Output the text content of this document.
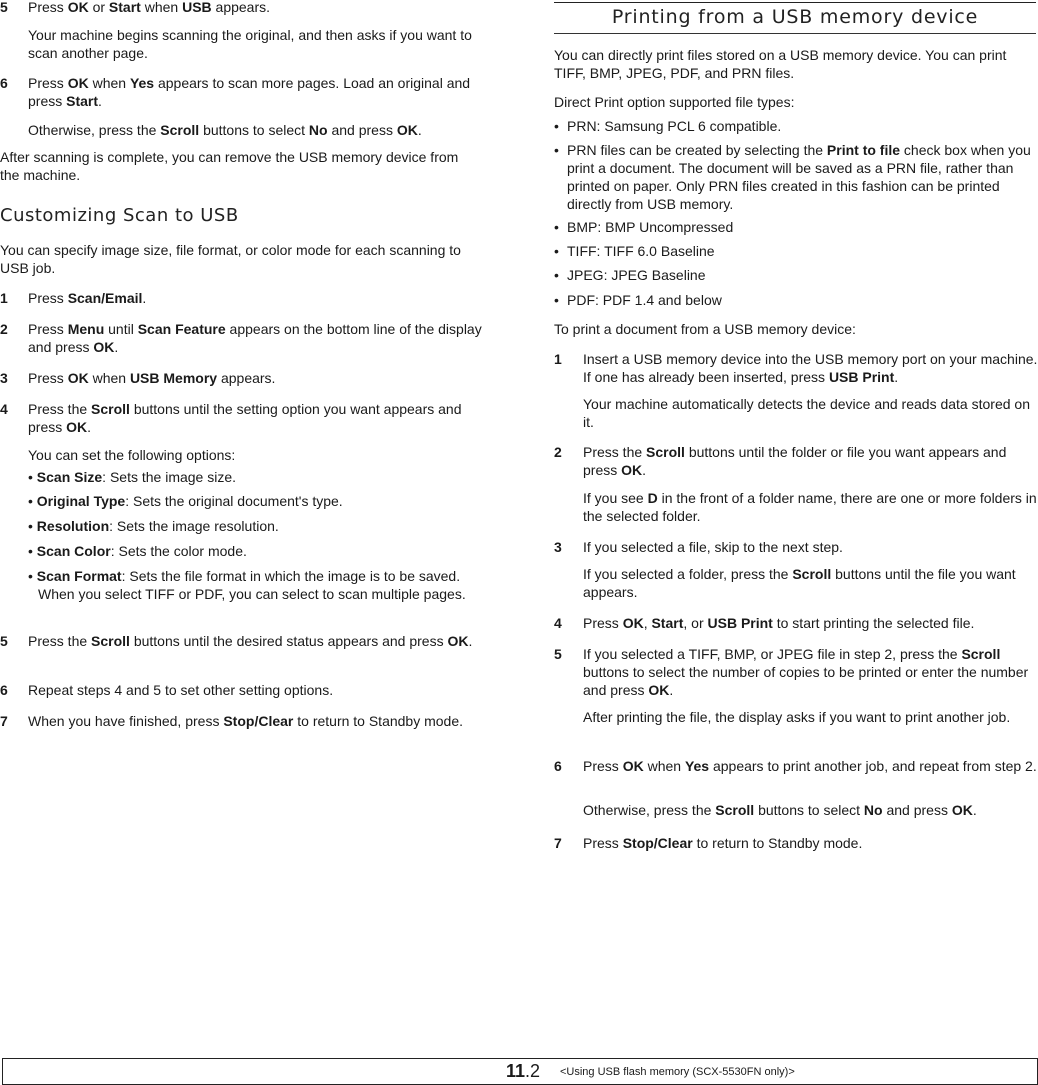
5 Press OK or Start when USB appears.

Your machine begins scanning the original, and then asks if you want to scan another page.

6 Press OK when Yes appears to scan more pages. Load an original and press Start.

Otherwise, press the Scroll buttons to select No and press OK.

After scanning is complete, you can remove the USB memory device from the machine.

Customizing Scan to USB

You can specify image size, file format, or color mode for each scanning to USB job.

1 Press Scan/Email.

2 Press Menu until Scan Feature appears on the bottom line of the display and press OK.

3 Press OK when USB Memory appears.

4 Press the Scroll buttons until the setting option you want appears and press OK.

You can set the following options:

• Scan Size: Sets the image size.

• Original Type: Sets the original document's type.

• Resolution: Sets the image resolution.

• Scan Color: Sets the color mode.

• Scan Format: Sets the file format in which the image is to be saved. When you select TIFF or PDF, you can select to scan multiple pages.

5 Press the Scroll buttons until the desired status appears and press OK.

6 Repeat steps 4 and 5 to set other setting options.

7 When you have finished, press Stop/Clear to return to Standby mode.

Printing from a USB memory device

You can directly print files stored on a USB memory device. You can print TIFF, BMP, JPEG, PDF, and PRN files.

Direct Print option supported file types:

• PRN: Samsung PCL 6 compatible.

• PRN files can be created by selecting the Print to file check box when you print a document. The document will be saved as a PRN file, rather than printed on paper. Only PRN files created in this fashion can be printed directly from USB memory.

• BMP: BMP Uncompressed

• TIFF: TIFF 6.0 Baseline

• JPEG: JPEG Baseline

• PDF: PDF 1.4 and below

To print a document from a USB memory device:

1 Insert a USB memory device into the USB memory port on your machine. If one has already been inserted, press USB Print.

Your machine automatically detects the device and reads data stored on it.

2 Press the Scroll buttons until the folder or file you want appears and press OK.

If you see D in the front of a folder name, there are one or more folders in the selected folder.

3 If you selected a file, skip to the next step.

If you selected a folder, press the Scroll buttons until the file you want appears.

4 Press OK, Start, or USB Print to start printing the selected file.

5 If you selected a TIFF, BMP, or JPEG file in step 2, press the Scroll buttons to select the number of copies to be printed or enter the number and press OK.

After printing the file, the display asks if you want to print another job.

6 Press OK when Yes appears to print another job, and repeat from step 2.

Otherwise, press the Scroll buttons to select No and press OK.

7 Press Stop/Clear to return to Standby mode.

11.2 <Using USB flash memory (SCX-5530FN only)>
